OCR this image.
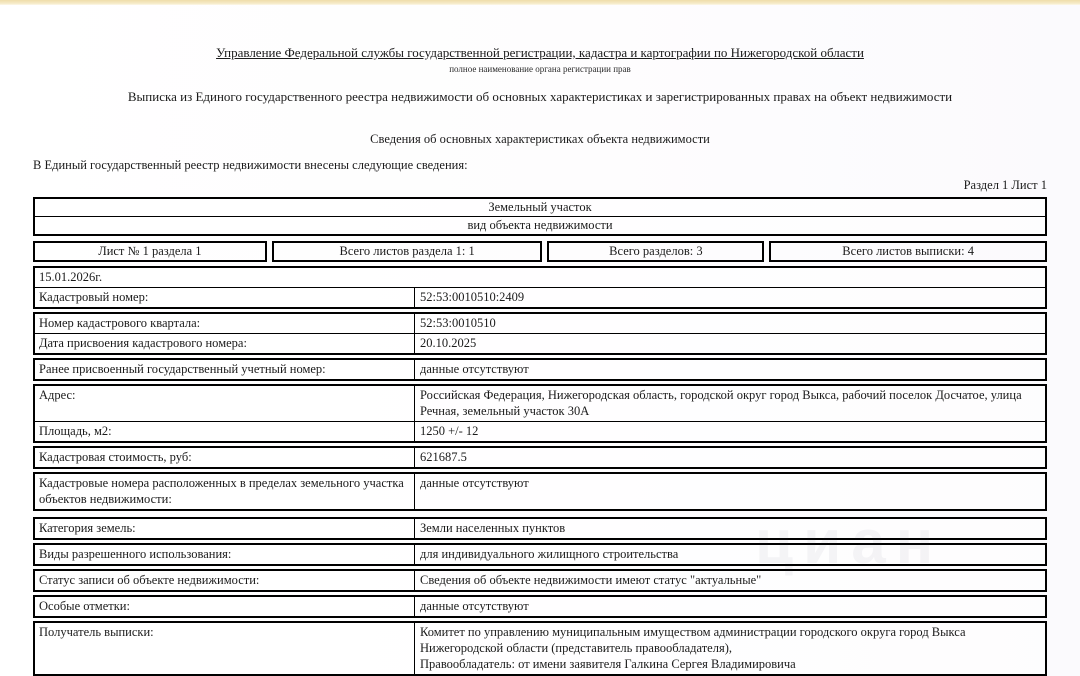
Управление Федеральной службы государственной регистрации, кадастра и картографии по Нижегородской области
полное наименование органа регистрации прав
Выписка из Единого государственного реестра недвижимости об основных характеристиках и зарегистрированных правах на объект недвижимости
Сведения об основных характеристиках объекта недвижимости
В Единый государственный реестр недвижимости внесены следующие сведения:
Раздел 1 Лист 1
Земельный участок
вид объекта недвижимости
Лист № 1 раздела 1	Всего листов раздела 1: 1	Всего разделов: 3	Всего листов выписки: 4
15.01.2026г.
Кадастровый номер:	52:53:0010510:2409
Номер кадастрового квартала:	52:53:0010510
Дата присвоения кадастрового номера:	20.10.2025
Ранее присвоенный государственный учетный номер:	данные отсутствуют
Адрес:	Российская Федерация, Нижегородская область, городской округ город Выкса, рабочий поселок Досчатое, улица Речная, земельный участок 30А
Площадь, м2:	1250 +/- 12
Кадастровая стоимость, руб:	621687.5
Кадастровые номера расположенных в пределах земельного участка объектов недвижимости:
данные отсутствуют
Категория земель:	Земли населенных пунктов
Виды разрешенного использования:	для индивидуального жилищного строительства
Статус записи об объекте недвижимости:	Сведения об объекте недвижимости имеют статус "актуальные"
Особые отметки:	данные отсутствуют
Получатель выписки:	Комитет по управлению муниципальным имуществом администрации городского округа город Выкса Нижегородской области (представитель правообладателя),
Правообладатель: от имени заявителя Галкина Сергея Владимировича
